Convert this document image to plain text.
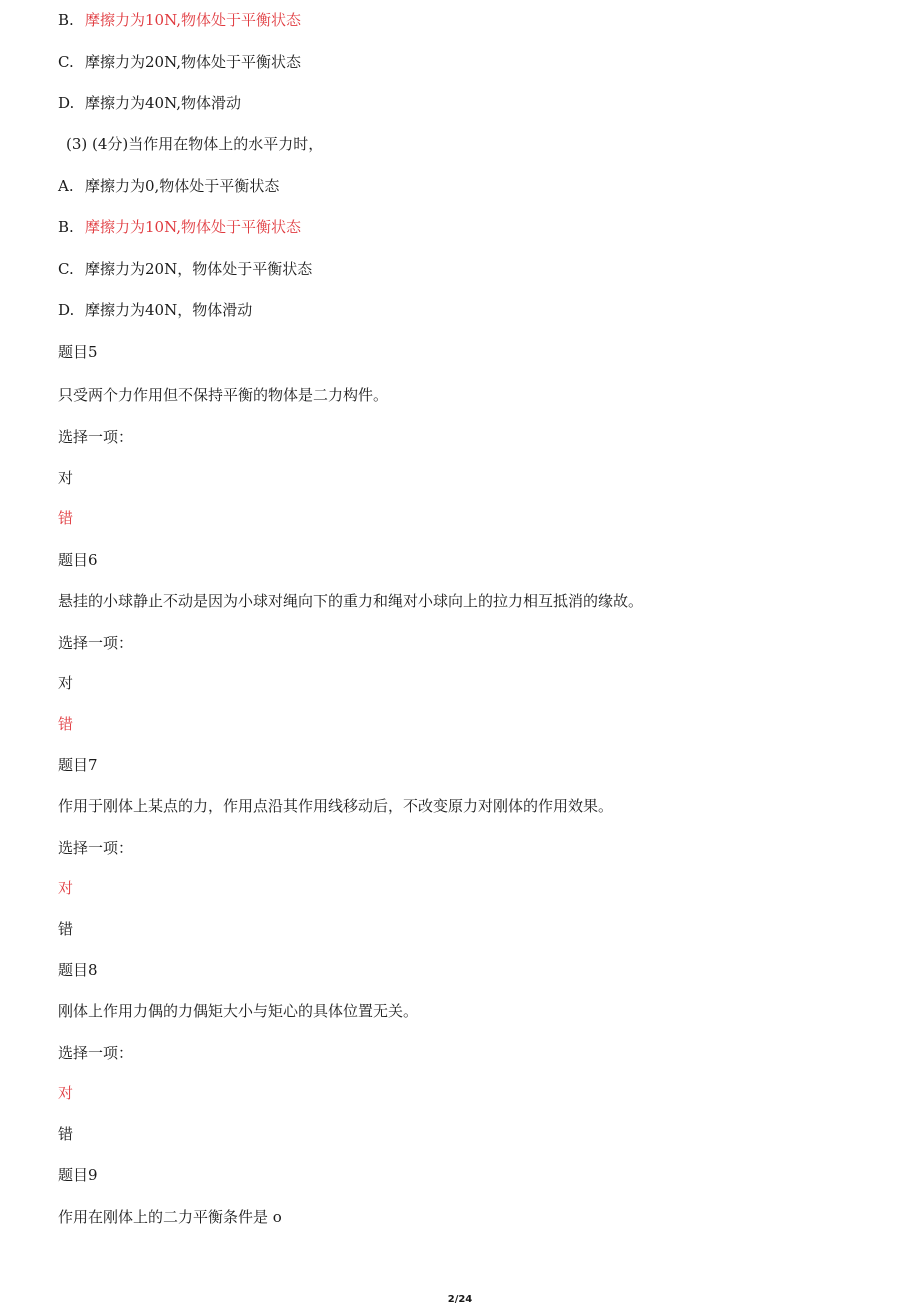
B. 摩擦力为10N,物体处于平衡状态
C. 摩擦力为20N,物体处于平衡状态
D. 摩擦力为40N,物体滑动
(3) (4分)当作用在物体上的水平力时，
A. 摩擦力为0,物体处于平衡状态
B. 摩擦力为10N,物体处于平衡状态
C. 摩擦力为20N，物体处于平衡状态
D. 摩擦力为40N，物体滑动
题目5
只受两个力作用但不保持平衡的物体是二力构件。
选择一项：
对
错
题目6
悬挂的小球静止不动是因为小球对绳向下的重力和绳对小球向上的拉力相互抵消的缘故。
选择一项：
对
错
题目7
作用于刚体上某点的力，作用点沿其作用线移动后，不改变原力对刚体的作用效果。
选择一项：
对
错
题目8
刚体上作用力偶的力偶矩大小与矩心的具体位置无关。
选择一项：
对
错
题目9
作用在刚体上的二力平衡条件是 o
2/24
